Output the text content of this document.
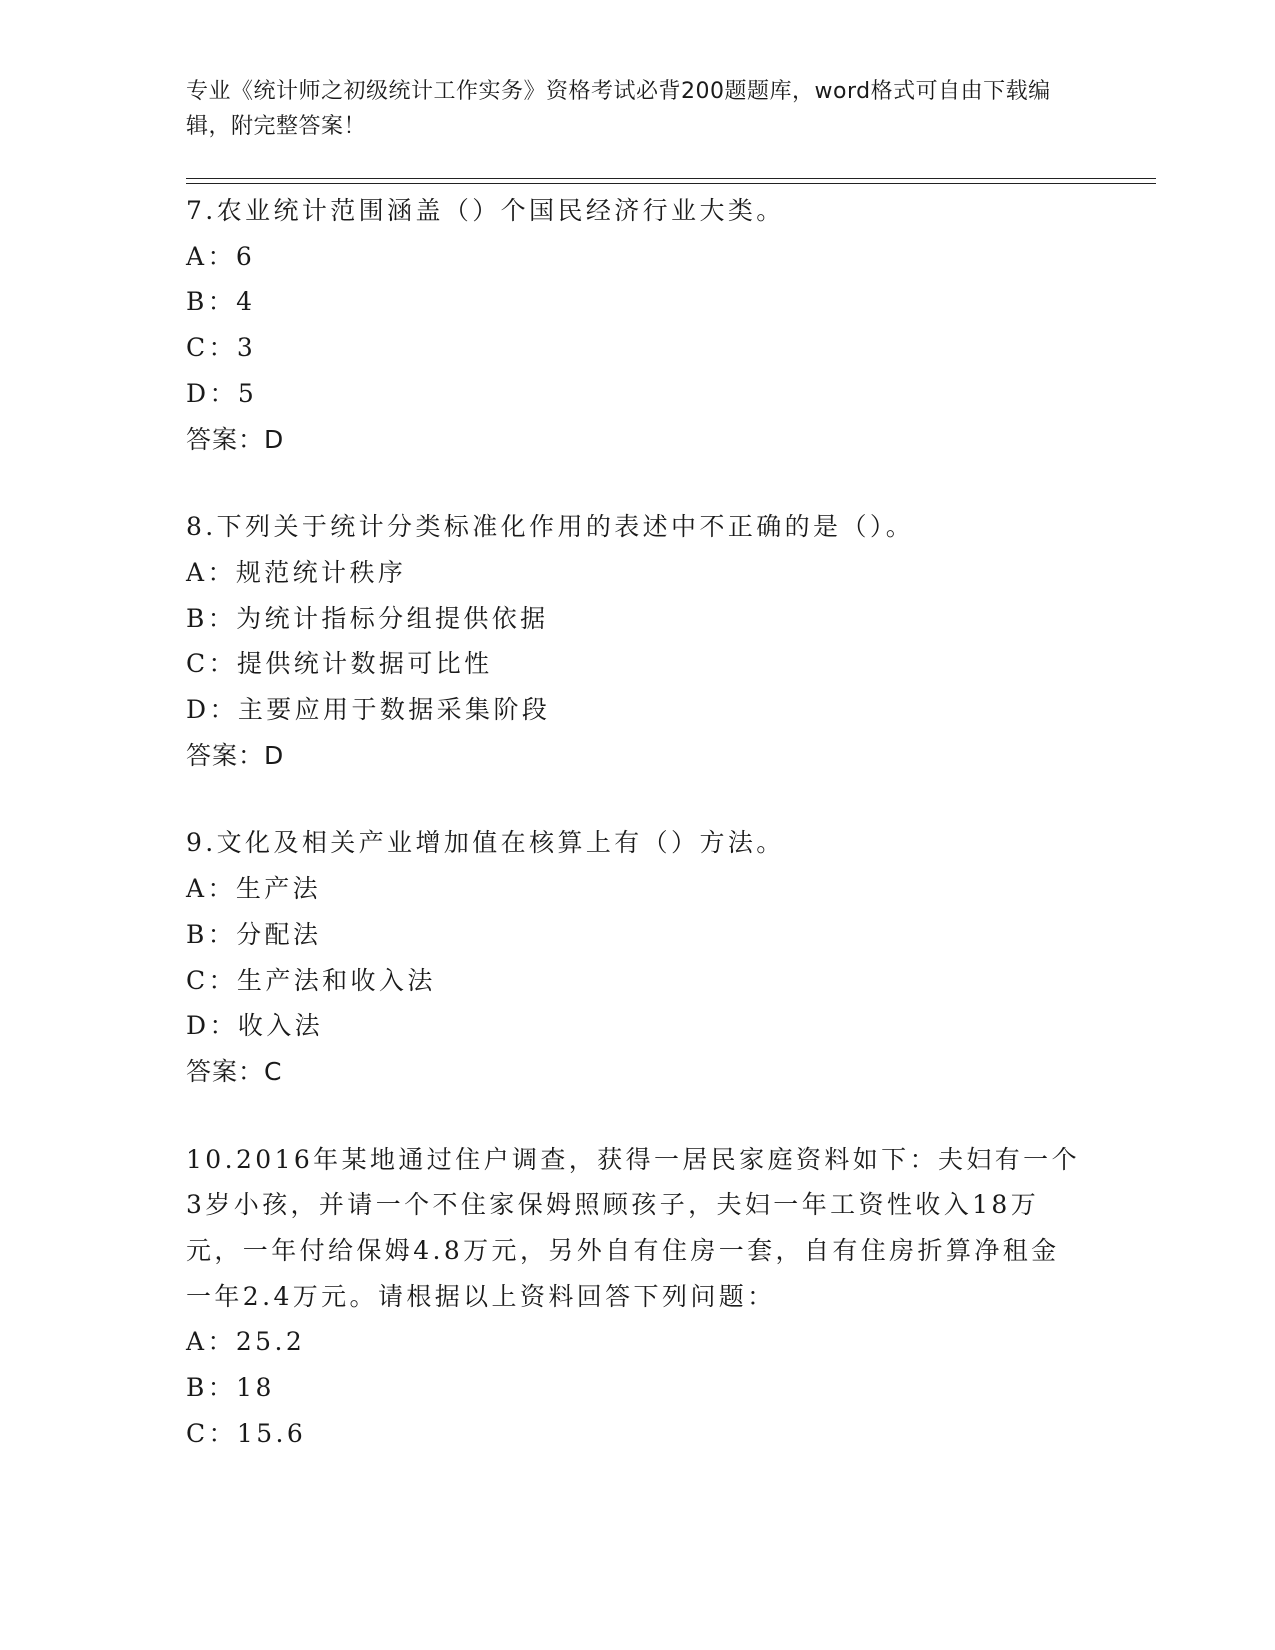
专业《统计师之初级统计工作实务》资格考试必背200题题库，word格式可自由下载编辑，附完整答案！

7.农业统计范围涵盖（）个国民经济行业大类。

A：6

B：4

C：3

D：5

答案：D

8.下列关于统计分类标准化作用的表述中不正确的是（）。

A：规范统计秩序

B：为统计指标分组提供依据

C：提供统计数据可比性

D：主要应用于数据采集阶段

答案：D

9.文化及相关产业增加值在核算上有（）方法。

A：生产法

B：分配法

C：生产法和收入法

D：收入法

答案：C

10.2016年某地通过住户调查，获得一居民家庭资料如下：夫妇有一个3岁小孩，并请一个不住家保姆照顾孩子，夫妇一年工资性收入18万元，一年付给保姆4.8万元，另外自有住房一套，自有住房折算净租金一年2.4万元。请根据以上资料回答下列问题：

A：25.2

B：18

C：15.6
